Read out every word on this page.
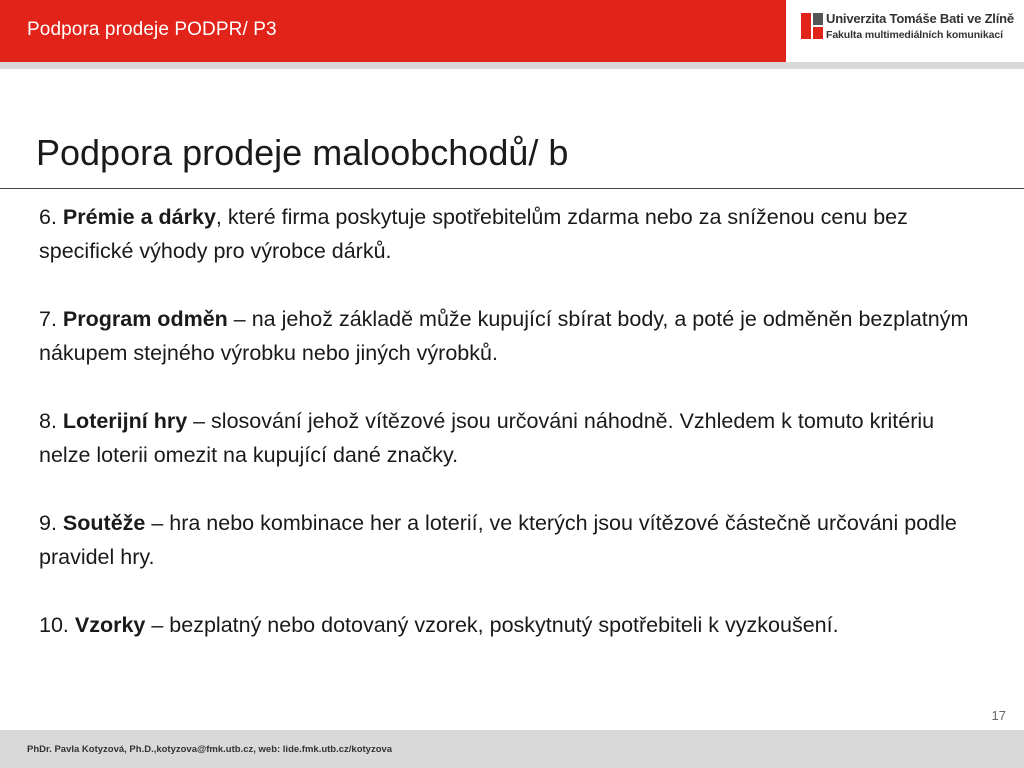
Podpora prodeje PODPR/ P3
Univerzita Tomáše Bati ve Zlíně
Fakulta multimediálních komunikací
Podpora prodeje maloobchodů/ b

6. Prémie a dárky, které firma poskytuje spotřebitelům zdarma nebo za sníženou cenu bez specifické výhody pro výrobce dárků.

7. Program odměn – na jehož základě může kupující sbírat body, a poté je odměněn bezplatným nákupem stejného výrobku nebo jiných výrobků.

8. Loterijní hry – slosování jehož vítězové jsou určováni náhodně. Vzhledem k tomuto kritériu nelze loterii omezit na kupující dané značky.

9. Soutěže – hra nebo kombinace her a loterií, ve kterých jsou vítězové částečně určováni podle pravidel hry.

10. Vzorky – bezplatný nebo dotovaný vzorek, poskytnutý spotřebiteli k vyzkoušení.

17
PhDr. Pavla Kotyzová, Ph.D.,kotyzova@fmk.utb.cz, web: lide.fmk.utb.cz/kotyzova
